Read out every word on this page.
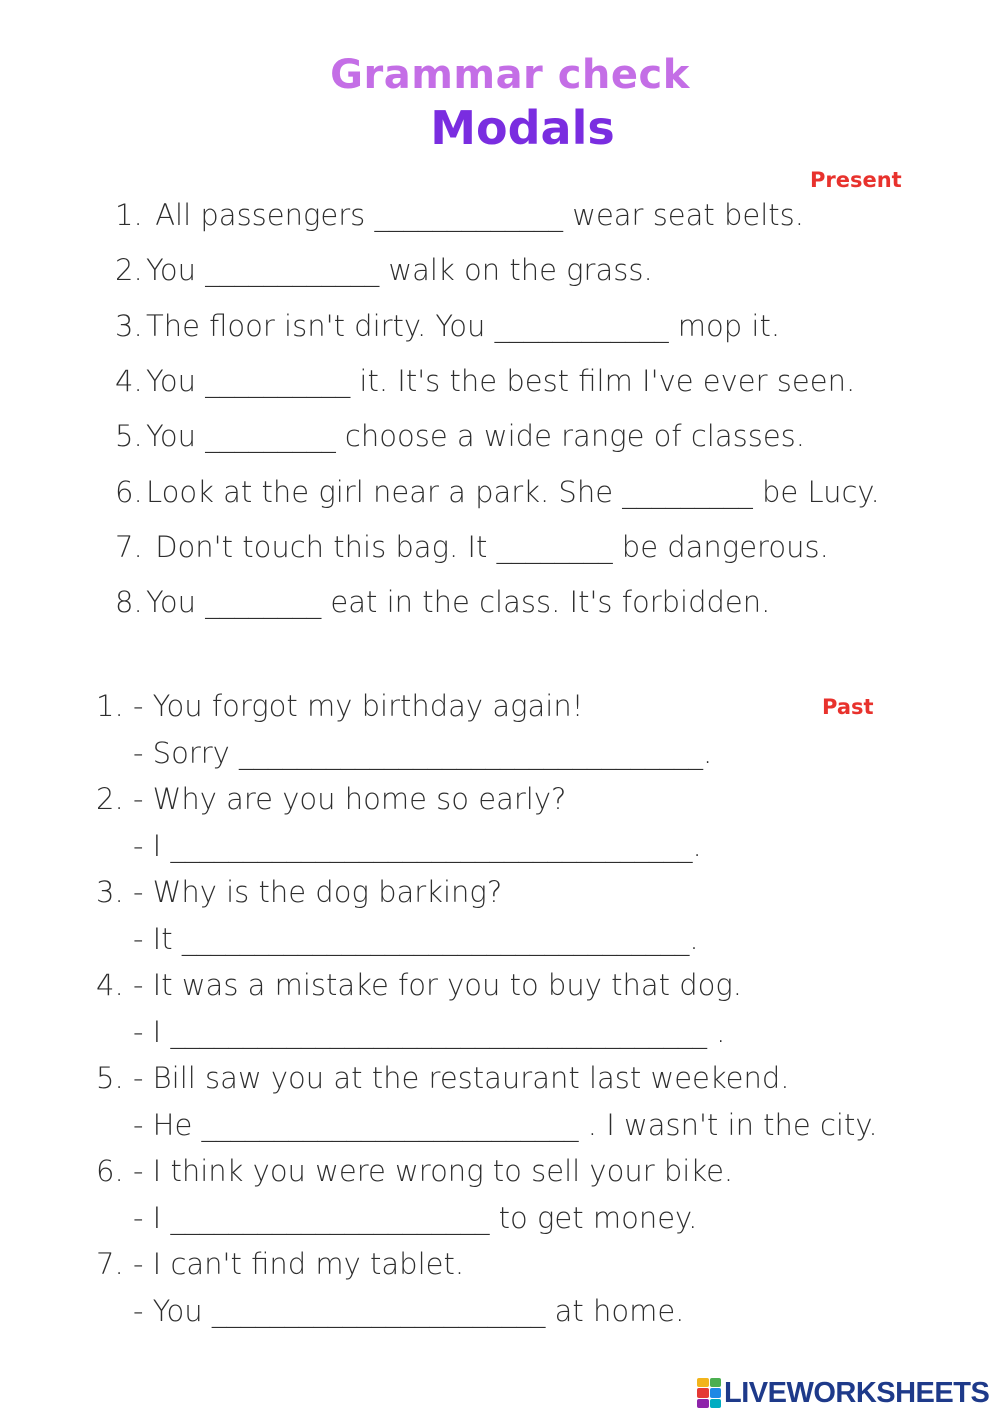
Grammar check
Modals
Present
1. All passengers _____________ wear seat belts.
2. You ____________ walk on the grass.
3. The floor isn't dirty. You ____________ mop it.
4. You __________ it. It's the best film I've ever seen.
5. You _________ choose a wide range of classes.
6. Look at the girl near a park. She _________ be Lucy.
7. Don't touch this bag. It ________ be dangerous.
8. You ________ eat in the class. It's forbidden.
Past
1. - You forgot my birthday again!
- Sorry ________________________________.
2. - Why are you home so early?
- I ____________________________________.
3. - Why is the dog barking?
- It ___________________________________.
4. - It was a mistake for you to buy that dog.
- I _____________________________________ .
5. - Bill saw you at the restaurant last weekend.
- He __________________________ . I wasn't in the city.
6. - I think you were wrong to sell your bike.
- I ______________________ to get money.
7. - I can't find my tablet.
- You _______________________ at home.
LIVEWORKSHEETS
